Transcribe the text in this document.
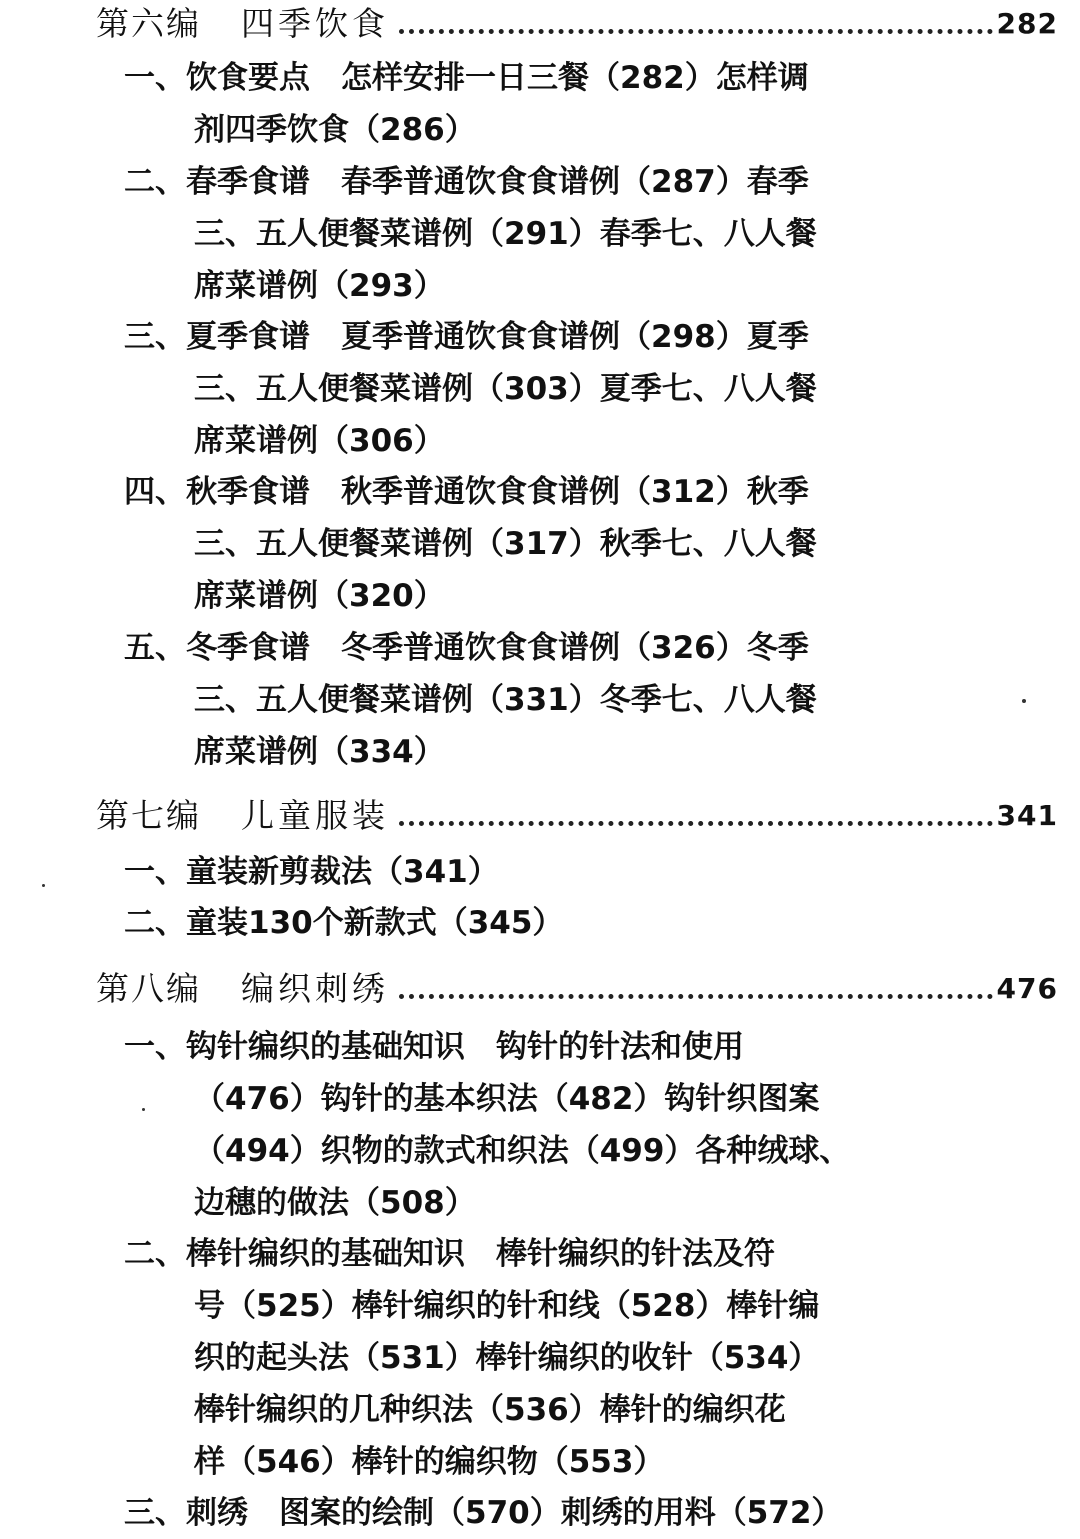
第六编 四季饮食	282
一、饮食要点　怎样安排一日三餐（282）怎样调
剂四季饮食（286）
二、春季食谱　春季普通饮食食谱例（287）春季
三、五人便餐菜谱例（291）春季七、八人餐
席菜谱例（293）
三、夏季食谱　夏季普通饮食食谱例（298）夏季
三、五人便餐菜谱例（303）夏季七、八人餐
席菜谱例（306）
四、秋季食谱　秋季普通饮食食谱例（312）秋季
三、五人便餐菜谱例（317）秋季七、八人餐
席菜谱例（320）
五、冬季食谱　冬季普通饮食食谱例（326）冬季
三、五人便餐菜谱例（331）冬季七、八人餐
席菜谱例（334）
第七编 儿童服装	341
一、童装新剪裁法（341）
二、童装130个新款式（345）
第八编 编织刺绣	476
一、钩针编织的基础知识　钩针的针法和使用
（476）钩针的基本织法（482）钩针织图案
（494）织物的款式和织法（499）各种绒球、
边穗的做法（508）
二、棒针编织的基础知识　棒针编织的针法及符
号（525）棒针编织的针和线（528）棒针编
织的起头法（531）棒针编织的收针（534）
棒针编织的几种织法（536）棒针的编织花
样（546）棒针的编织物（553）
三、刺绣　图案的绘制（570）刺绣的用料（572）
